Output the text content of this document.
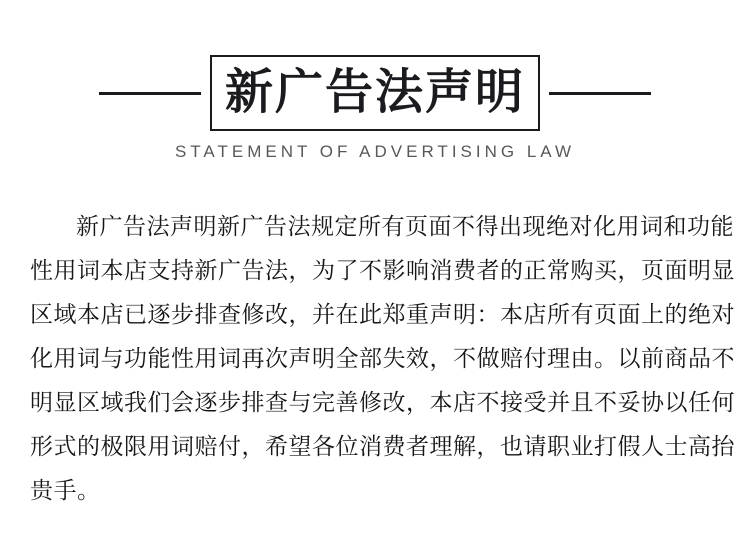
新广告法声明
STATEMENT OF ADVERTISING LAW
新广告法声明新广告法规定所有页面不得出现绝对化用词和功能
性用词本店支持新广告法，为了不影响消费者的正常购买，页面明显
区域本店已逐步排查修改，并在此郑重声明：本店所有页面上的绝对
化用词与功能性用词再次声明全部失效，不做赔付理由。以前商品不
明显区域我们会逐步排查与完善修改，本店不接受并且不妥协以任何
形式的极限用词赔付，希望各位消费者理解，也请职业打假人士高抬
贵手。
